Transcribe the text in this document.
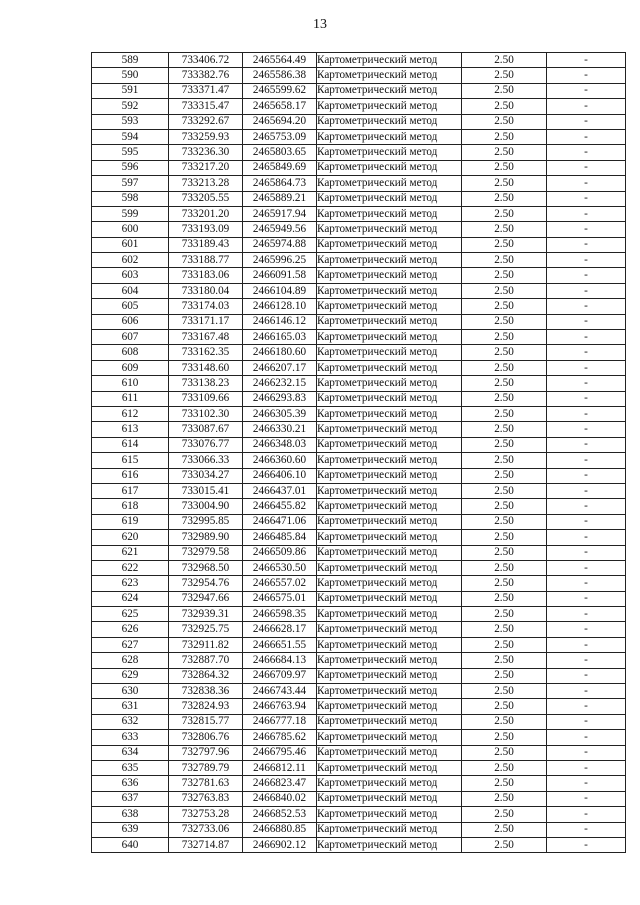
13
589	733406.72	2465564.49	Картометрический метод	2.50	-
590	733382.76	2465586.38	Картометрический метод	2.50	-
591	733371.47	2465599.62	Картометрический метод	2.50	-
592	733315.47	2465658.17	Картометрический метод	2.50	-
593	733292.67	2465694.20	Картометрический метод	2.50	-
594	733259.93	2465753.09	Картометрический метод	2.50	-
595	733236.30	2465803.65	Картометрический метод	2.50	-
596	733217.20	2465849.69	Картометрический метод	2.50	-
597	733213.28	2465864.73	Картометрический метод	2.50	-
598	733205.55	2465889.21	Картометрический метод	2.50	-
599	733201.20	2465917.94	Картометрический метод	2.50	-
600	733193.09	2465949.56	Картометрический метод	2.50	-
601	733189.43	2465974.88	Картометрический метод	2.50	-
602	733188.77	2465996.25	Картометрический метод	2.50	-
603	733183.06	2466091.58	Картометрический метод	2.50	-
604	733180.04	2466104.89	Картометрический метод	2.50	-
605	733174.03	2466128.10	Картометрический метод	2.50	-
606	733171.17	2466146.12	Картометрический метод	2.50	-
607	733167.48	2466165.03	Картометрический метод	2.50	-
608	733162.35	2466180.60	Картометрический метод	2.50	-
609	733148.60	2466207.17	Картометрический метод	2.50	-
610	733138.23	2466232.15	Картометрический метод	2.50	-
611	733109.66	2466293.83	Картометрический метод	2.50	-
612	733102.30	2466305.39	Картометрический метод	2.50	-
613	733087.67	2466330.21	Картометрический метод	2.50	-
614	733076.77	2466348.03	Картометрический метод	2.50	-
615	733066.33	2466360.60	Картометрический метод	2.50	-
616	733034.27	2466406.10	Картометрический метод	2.50	-
617	733015.41	2466437.01	Картометрический метод	2.50	-
618	733004.90	2466455.82	Картометрический метод	2.50	-
619	732995.85	2466471.06	Картометрический метод	2.50	-
620	732989.90	2466485.84	Картометрический метод	2.50	-
621	732979.58	2466509.86	Картометрический метод	2.50	-
622	732968.50	2466530.50	Картометрический метод	2.50	-
623	732954.76	2466557.02	Картометрический метод	2.50	-
624	732947.66	2466575.01	Картометрический метод	2.50	-
625	732939.31	2466598.35	Картометрический метод	2.50	-
626	732925.75	2466628.17	Картометрический метод	2.50	-
627	732911.82	2466651.55	Картометрический метод	2.50	-
628	732887.70	2466684.13	Картометрический метод	2.50	-
629	732864.32	2466709.97	Картометрический метод	2.50	-
630	732838.36	2466743.44	Картометрический метод	2.50	-
631	732824.93	2466763.94	Картометрический метод	2.50	-
632	732815.77	2466777.18	Картометрический метод	2.50	-
633	732806.76	2466785.62	Картометрический метод	2.50	-
634	732797.96	2466795.46	Картометрический метод	2.50	-
635	732789.79	2466812.11	Картометрический метод	2.50	-
636	732781.63	2466823.47	Картометрический метод	2.50	-
637	732763.83	2466840.02	Картометрический метод	2.50	-
638	732753.28	2466852.53	Картометрический метод	2.50	-
639	732733.06	2466880.85	Картометрический метод	2.50	-
640	732714.87	2466902.12	Картометрический метод	2.50	-
